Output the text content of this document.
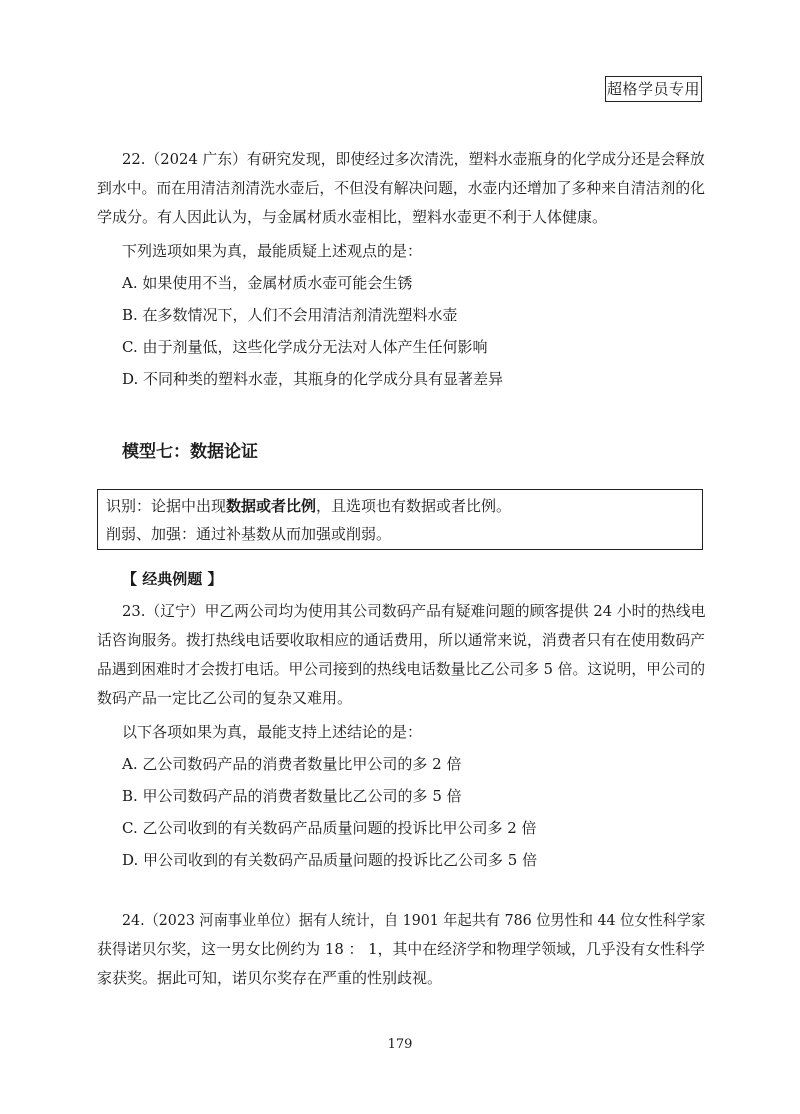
超格学员专用
22.（2024 广东）有研究发现，即使经过多次清洗，塑料水壶瓶身的化学成分还是会释放
到水中。而在用清洁剂清洗水壶后，不但没有解决问题，水壶内还增加了多种来自清洁剂的化
学成分。有人因此认为，与金属材质水壶相比，塑料水壶更不利于人体健康。
下列选项如果为真，最能质疑上述观点的是：
A. 如果使用不当，金属材质水壶可能会生锈
B. 在多数情况下，人们不会用清洁剂清洗塑料水壶
C. 由于剂量低，这些化学成分无法对人体产生任何影响
D. 不同种类的塑料水壶，其瓶身的化学成分具有显著差异
模型七：数据论证
识别：论据中出现数据或者比例，且选项也有数据或者比例。
削弱、加强：通过补基数从而加强或削弱。
【 经典例题 】
23.（辽宁）甲乙两公司均为使用其公司数码产品有疑难问题的顾客提供 24 小时的热线电
话咨询服务。拨打热线电话要收取相应的通话费用，所以通常来说，消费者只有在使用数码产
品遇到困难时才会拨打电话。甲公司接到的热线电话数量比乙公司多 5 倍。这说明，甲公司的
数码产品一定比乙公司的复杂又难用。
以下各项如果为真，最能支持上述结论的是：
A. 乙公司数码产品的消费者数量比甲公司的多 2 倍
B. 甲公司数码产品的消费者数量比乙公司的多 5 倍
C. 乙公司收到的有关数码产品质量问题的投诉比甲公司多 2 倍
D. 甲公司收到的有关数码产品质量问题的投诉比乙公司多 5 倍
24.（2023 河南事业单位）据有人统计，自 1901 年起共有 786 位男性和 44 位女性科学家
获得诺贝尔奖，这一男女比例约为 18 ： 1，其中在经济学和物理学领域，几乎没有女性科学
家获奖。据此可知，诺贝尔奖存在严重的性别歧视。
179
